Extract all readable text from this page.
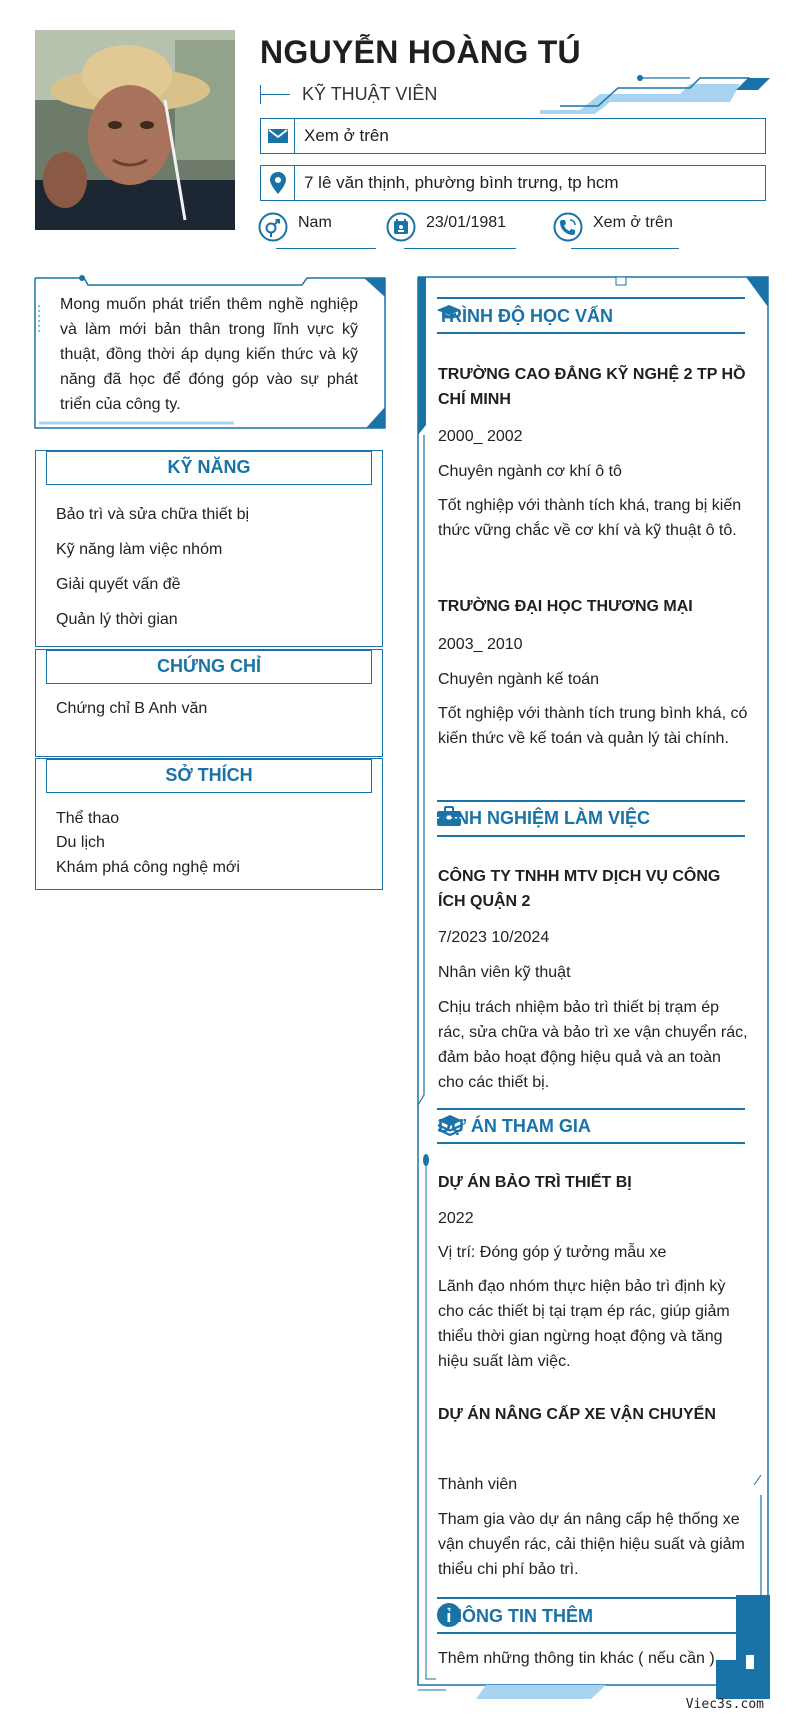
NGUYỄN HOÀNG TÚ
KỸ THUẬT VIÊN
Xem ở trên
7 lê văn thịnh, phường bình trưng, tp hcm
Nam	23/01/1981	Xem ở trên
Mong muốn phát triển thêm nghề nghiệp và làm mới bản thân trong lĩnh vực kỹ thuật, đồng thời áp dụng kiến thức và kỹ năng đã học để đóng góp vào sự phát triển của công ty.
KỸ NĂNG
Bảo trì và sửa chữa thiết bị
Kỹ năng làm việc nhóm
Giải quyết vấn đề
Quản lý thời gian
CHỨNG CHỈ
Chứng chỉ B Anh văn
SỞ THÍCH
Thể thao
Du lịch
Khám phá công nghệ mới
TRÌNH ĐỘ HỌC VẤN
TRƯỜNG CAO ĐẲNG KỸ NGHỆ 2 TP HỒ CHÍ MINH
2000_ 2002
Chuyên ngành cơ khí ô tô
Tốt nghiệp với thành tích khá, trang bị kiến thức vững chắc về cơ khí và kỹ thuật ô tô.
TRƯỜNG ĐẠI HỌC THƯƠNG MẠI
2003_ 2010
Chuyên ngành kế toán
Tốt nghiệp với thành tích trung bình khá, có kiến thức về kế toán và quản lý tài chính.
KINH NGHIỆM LÀM VIỆC
CÔNG TY TNHH MTV DỊCH VỤ CÔNG ÍCH QUẬN 2
7/2023 10/2024
Nhân viên kỹ thuật
Chịu trách nhiệm bảo trì thiết bị trạm ép rác, sửa chữa và bảo trì xe vận chuyển rác, đảm bảo hoạt động hiệu quả và an toàn cho các thiết bị.
DỰ ÁN THAM GIA
DỰ ÁN BẢO TRÌ THIẾT BỊ
2022
Vị trí: Đóng góp ý tưởng mẫu xe
Lãnh đạo nhóm thực hiện bảo trì định kỳ cho các thiết bị tại trạm ép rác, giúp giảm thiểu thời gian ngừng hoạt động và tăng hiệu suất làm việc.
DỰ ÁN NÂNG CẤP XE VẬN CHUYỂN
Thành viên
Tham gia vào dự án nâng cấp hệ thống xe vận chuyển rác, cải thiện hiệu suất và giảm thiểu chi phí bảo trì.
THÔNG TIN THÊM
Thêm những thông tin khác ( nếu cần )
Viec3s.com
